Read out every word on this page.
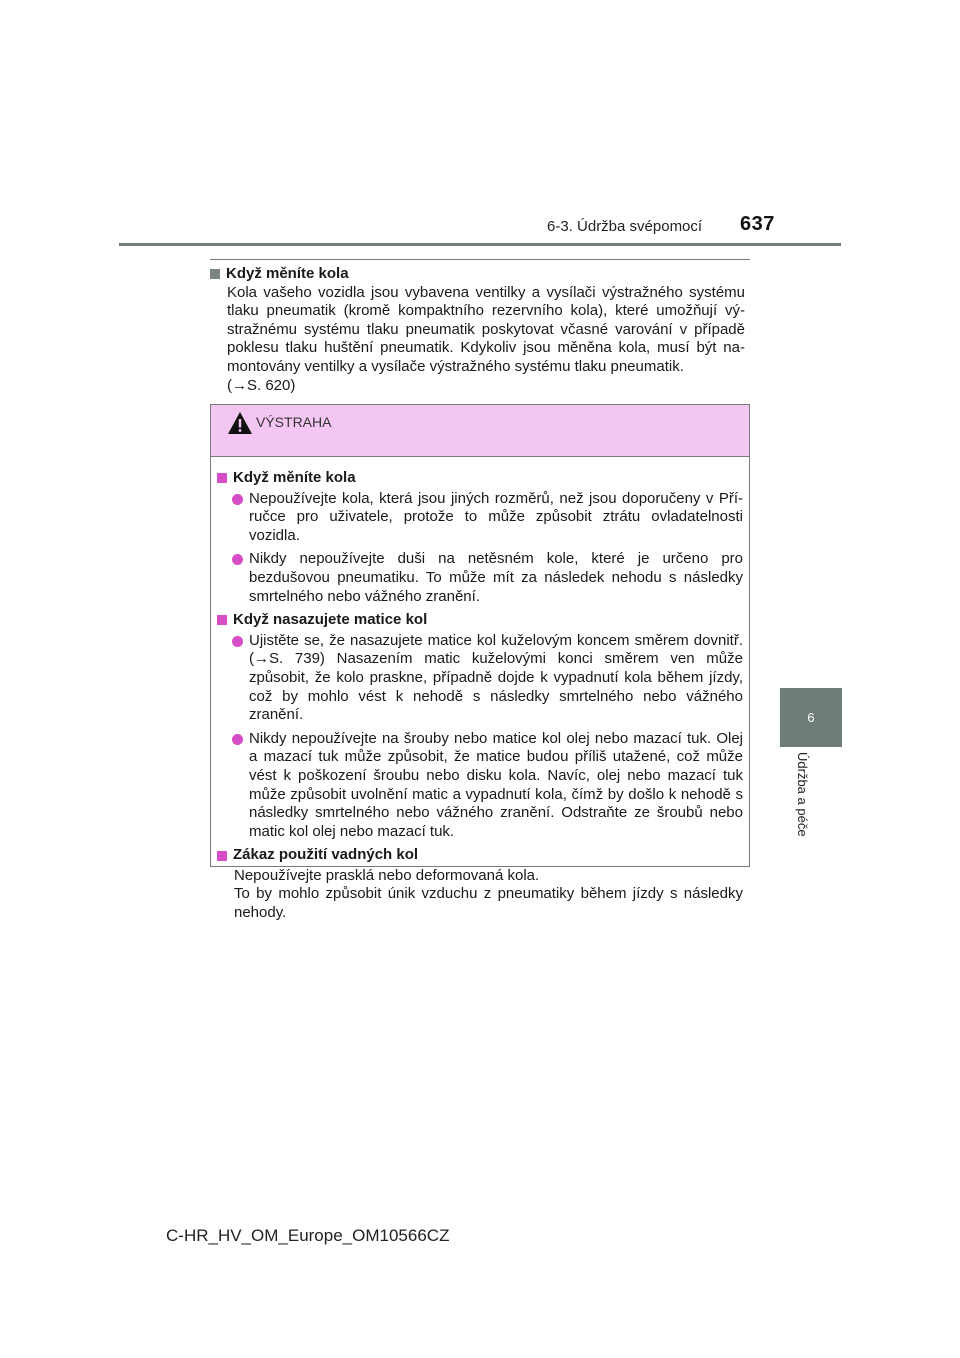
6-3. Údržba svépomocí 637
6
Údržba a péče
Když měníte kola
Kola vašeho vozidla jsou vybavena ventilky a vysílači výstražného systému
tlaku pneumatik (kromě kompaktního rezervního kola), které umožňují vý-
stražnému systému tlaku pneumatik poskytovat včasné varování v případě
poklesu tlaku huštění pneumatik. Kdykoliv jsou měněna kola, musí být na-
montovány ventilky a vysílače výstražného systému tlaku pneumatik.
(→S. 620)
VÝSTRAHA
Když měníte kola
Nepoužívejte kola, která jsou jiných rozměrů, než jsou doporučeny v Pří-ručce pro uživatele, protože to může způsobit ztrátu ovladatelnosti vozidla.
Nikdy nepoužívejte duši na netěsném kole, které je určeno pro bezdušovou pneumatiku. To může mít za následek nehodu s následky smrtelného nebo vážného zranění.
Když nasazujete matice kol
Ujistěte se, že nasazujete matice kol kuželovým koncem směrem dovnitř. (→S. 739) Nasazením matic kuželovými konci směrem ven může způsobit, že kolo praskne, případně dojde k vypadnutí kola během jízdy, což by mohlo vést k nehodě s následky smrtelného nebo vážného zranění.
Nikdy nepoužívejte na šrouby nebo matice kol olej nebo mazací tuk. Olej a mazací tuk může způsobit, že matice budou příliš utažené, což může vést k poškození šroubu nebo disku kola. Navíc, olej nebo mazací tuk může způsobit uvolnění matic a vypadnutí kola, čímž by došlo k nehodě s následky smrtelného nebo vážného zranění. Odstraňte ze šroubů nebo matic kol olej nebo mazací tuk.
Zákaz použití vadných kol
Nepoužívejte prasklá nebo deformovaná kola.
To by mohlo způsobit únik vzduchu z pneumatiky během jízdy s následky nehody.
C-HR_HV_OM_Europe_OM10566CZ
